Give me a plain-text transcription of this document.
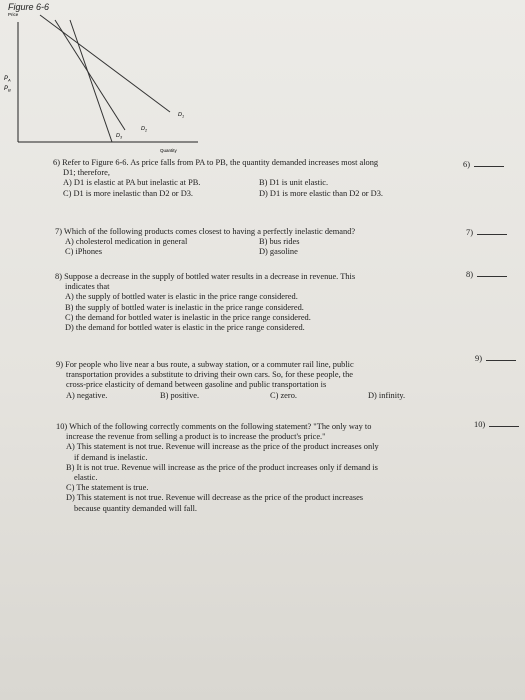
Figure 6-6
Price
Quantity
$P_A$
$P_B$
$D_1$
$D_2$
$D_3$
6) Refer to Figure 6-6. As price falls from PA to PB, the quantity demanded increases most along
D1; therefore,
A) D1 is elastic at PA but inelastic at PB.	B) D1 is unit elastic.
C) D1 is more inelastic than D2 or D3.	D) D1 is more elastic than D2 or D3.
6)
7) Which of the following products comes closest to having a perfectly inelastic demand?
A) cholesterol medication in general	B) bus rides
C) iPhones	D) gasoline
7)
8) Suppose a decrease in the supply of bottled water results in a decrease in revenue. This
indicates that
A) the supply of bottled water is elastic in the price range considered.
B) the supply of bottled water is inelastic in the price range considered.
C) the demand for bottled water is inelastic in the price range considered.
D) the demand for bottled water is elastic in the price range considered.
8)
9) For people who live near a bus route, a subway station, or a commuter rail line, public
transportation provides a substitute to driving their own cars. So, for these people, the
cross-price elasticity of demand between gasoline and public transportation is
A) negative.	B) positive.	C) zero.	D) infinity.
9)
10) Which of the following correctly comments on the following statement? "The only way to
increase the revenue from selling a product is to increase the product's price."
A) This statement is not true. Revenue will increase as the price of the product increases only
if demand is inelastic.
B) It is not true. Revenue will increase as the price of the product increases only if demand is
elastic.
C) The statement is true.
D) This statement is not true. Revenue will decrease as the price of the product increases
because quantity demanded will fall.
10)
